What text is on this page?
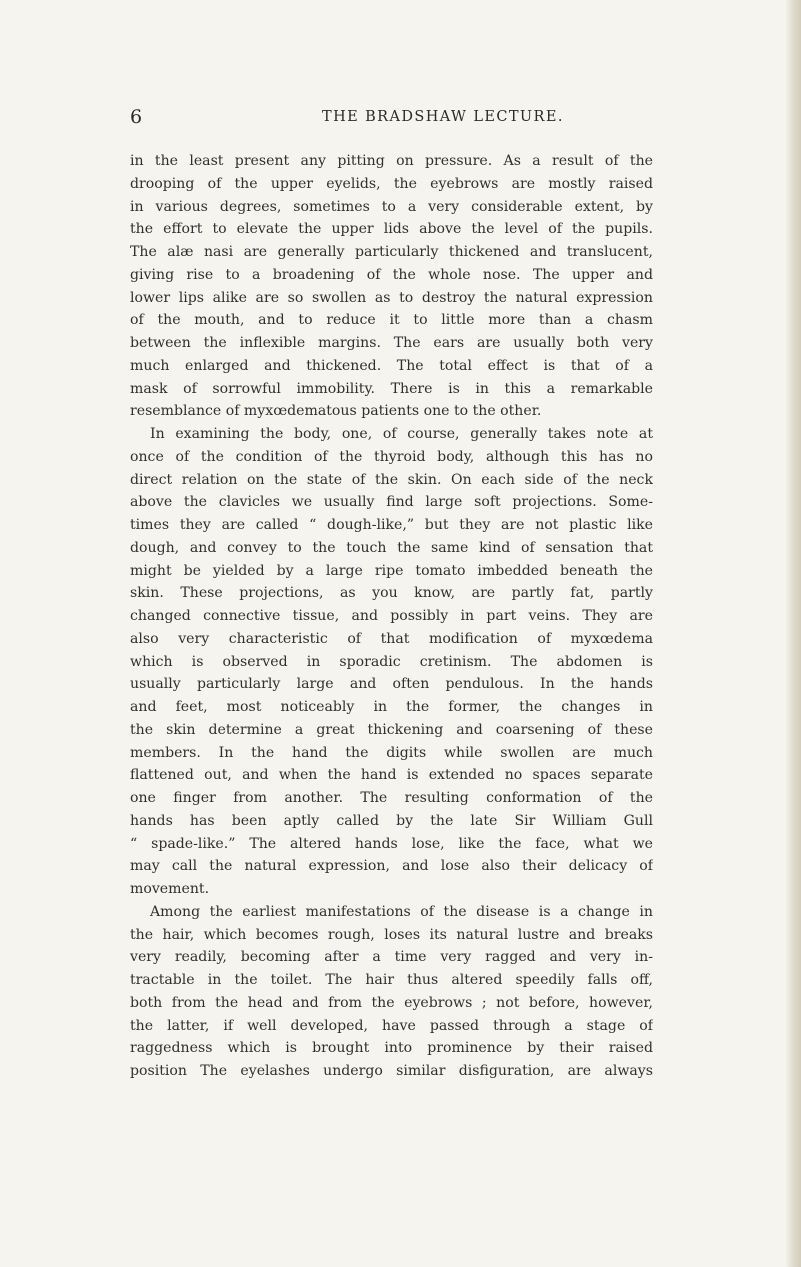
6	THE BRADSHAW LECTURE.
in the least present any pitting on pressure. As a result of the
drooping of the upper eyelids, the eyebrows are mostly raised
in various degrees, sometimes to a very considerable extent, by
the effort to elevate the upper lids above the level of the pupils.
The alæ nasi are generally particularly thickened and translucent,
giving rise to a broadening of the whole nose. The upper and
lower lips alike are so swollen as to destroy the natural expression
of the mouth, and to reduce it to little more than a chasm
between the inflexible margins. The ears are usually both very
much enlarged and thickened. The total effect is that of a
mask of sorrowful immobility. There is in this a remarkable
resemblance of myxœdematous patients one to the other.
In examining the body, one, of course, generally takes note at
once of the condition of the thyroid body, although this has no
direct relation on the state of the skin. On each side of the neck
above the clavicles we usually find large soft projections. Some-
times they are called “ dough-like,” but they are not plastic like
dough, and convey to the touch the same kind of sensation that
might be yielded by a large ripe tomato imbedded beneath the
skin. These projections, as you know, are partly fat, partly
changed connective tissue, and possibly in part veins. They are
also very characteristic of that modification of myxœdema
which is observed in sporadic cretinism. The abdomen is
usually particularly large and often pendulous. In the hands
and feet, most noticeably in the former, the changes in
the skin determine a great thickening and coarsening of these
members. In the hand the digits while swollen are much
flattened out, and when the hand is extended no spaces separate
one finger from another. The resulting conformation of the
hands has been aptly called by the late Sir William Gull
“ spade-like.” The altered hands lose, like the face, what we
may call the natural expression, and lose also their delicacy of
movement.
Among the earliest manifestations of the disease is a change in
the hair, which becomes rough, loses its natural lustre and breaks
very readily, becoming after a time very ragged and very in-
tractable in the toilet. The hair thus altered speedily falls off,
both from the head and from the eyebrows ; not before, however,
the latter, if well developed, have passed through a stage of
raggedness which is brought into prominence by their raised
position The eyelashes undergo similar disfiguration, are always
